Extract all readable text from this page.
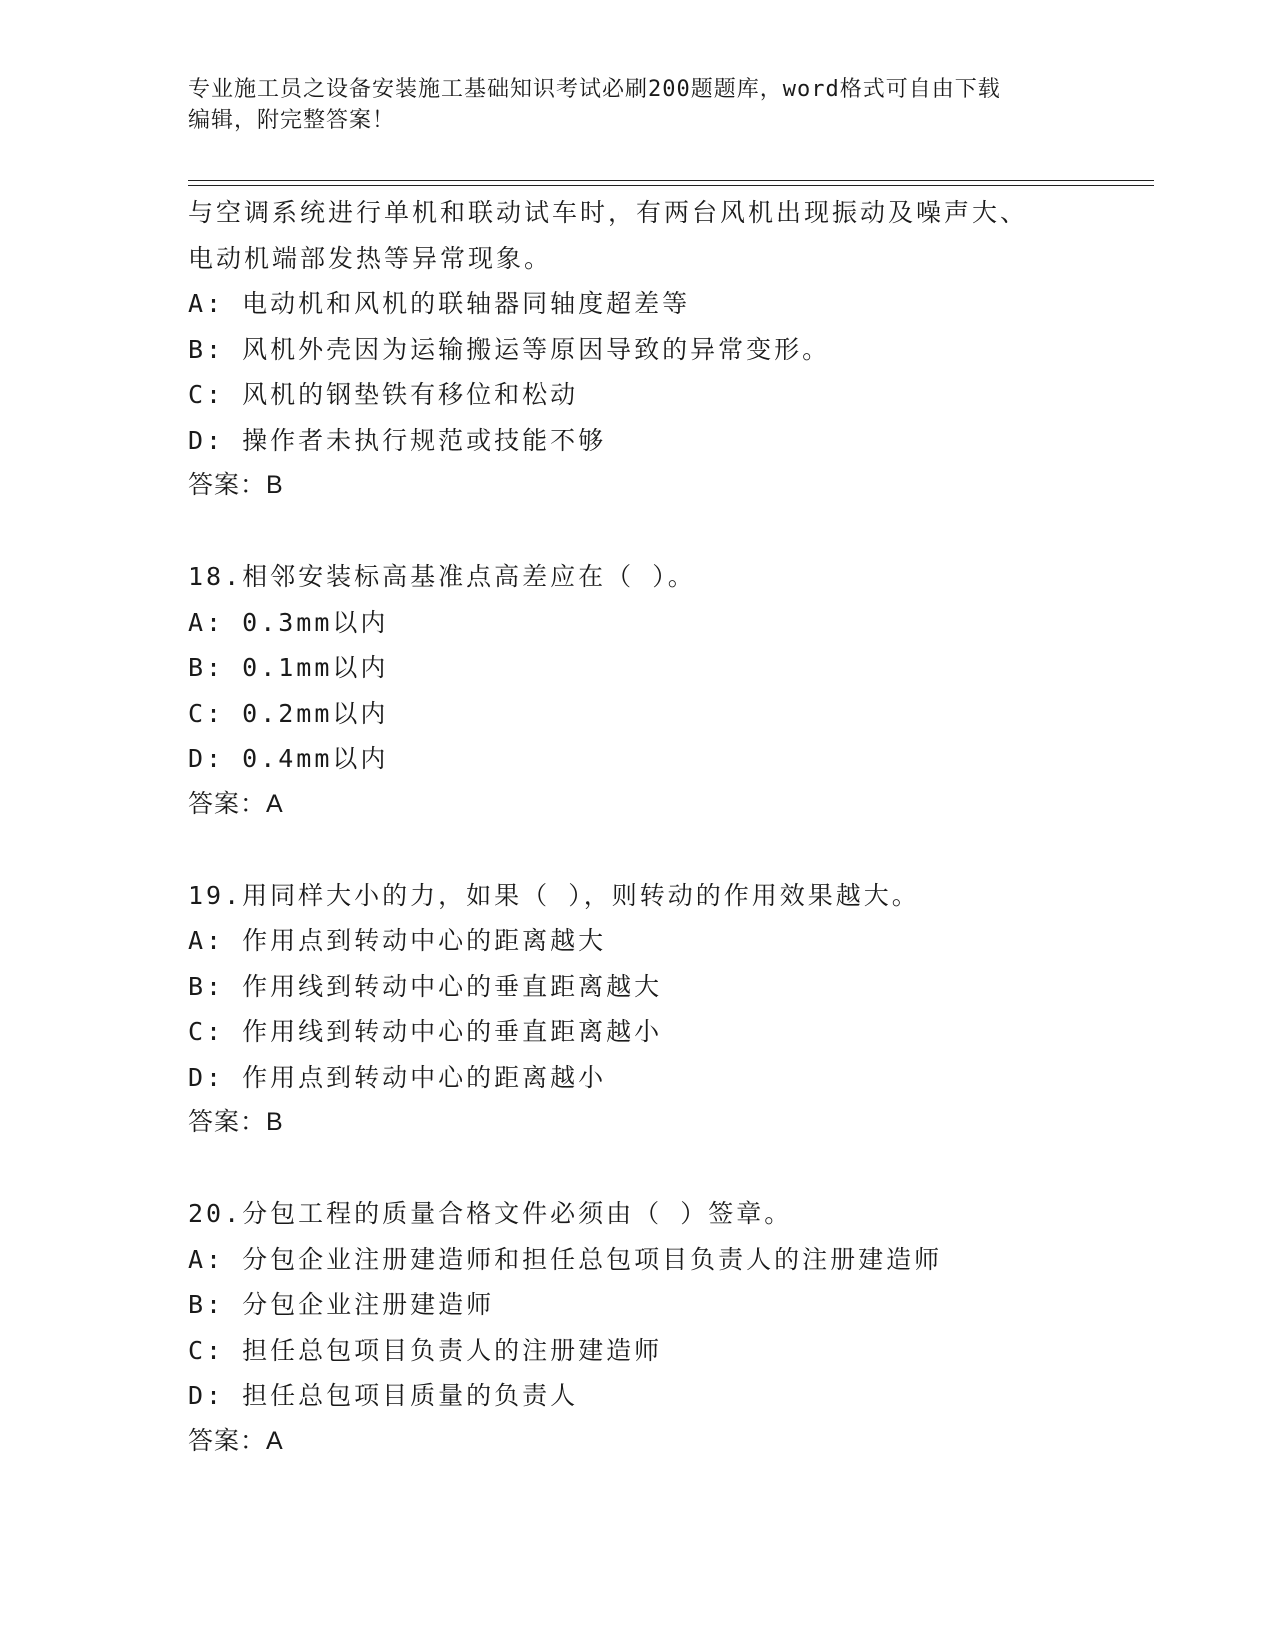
专业施工员之设备安装施工基础知识考试必刷200题题库，word格式可自由下载
编辑，附完整答案！
与空调系统进行单机和联动试车时，有两台风机出现振动及噪声大、
电动机端部发热等异常现象。
A: 电动机和风机的联轴器同轴度超差等
B: 风机外壳因为运输搬运等原因导致的异常变形。
C: 风机的钢垫铁有移位和松动
D: 操作者未执行规范或技能不够
答案：B
18.相邻安装标高基准点高差应在（ ）。
A: 0.3mm以内
B: 0.1mm以内
C: 0.2mm以内
D: 0.4mm以内
答案：A
19.用同样大小的力，如果（ ），则转动的作用效果越大。
A: 作用点到转动中心的距离越大
B: 作用线到转动中心的垂直距离越大
C: 作用线到转动中心的垂直距离越小
D: 作用点到转动中心的距离越小
答案：B
20.分包工程的质量合格文件必须由（ ）签章。
A: 分包企业注册建造师和担任总包项目负责人的注册建造师
B: 分包企业注册建造师
C: 担任总包项目负责人的注册建造师
D: 担任总包项目质量的负责人
答案：A
